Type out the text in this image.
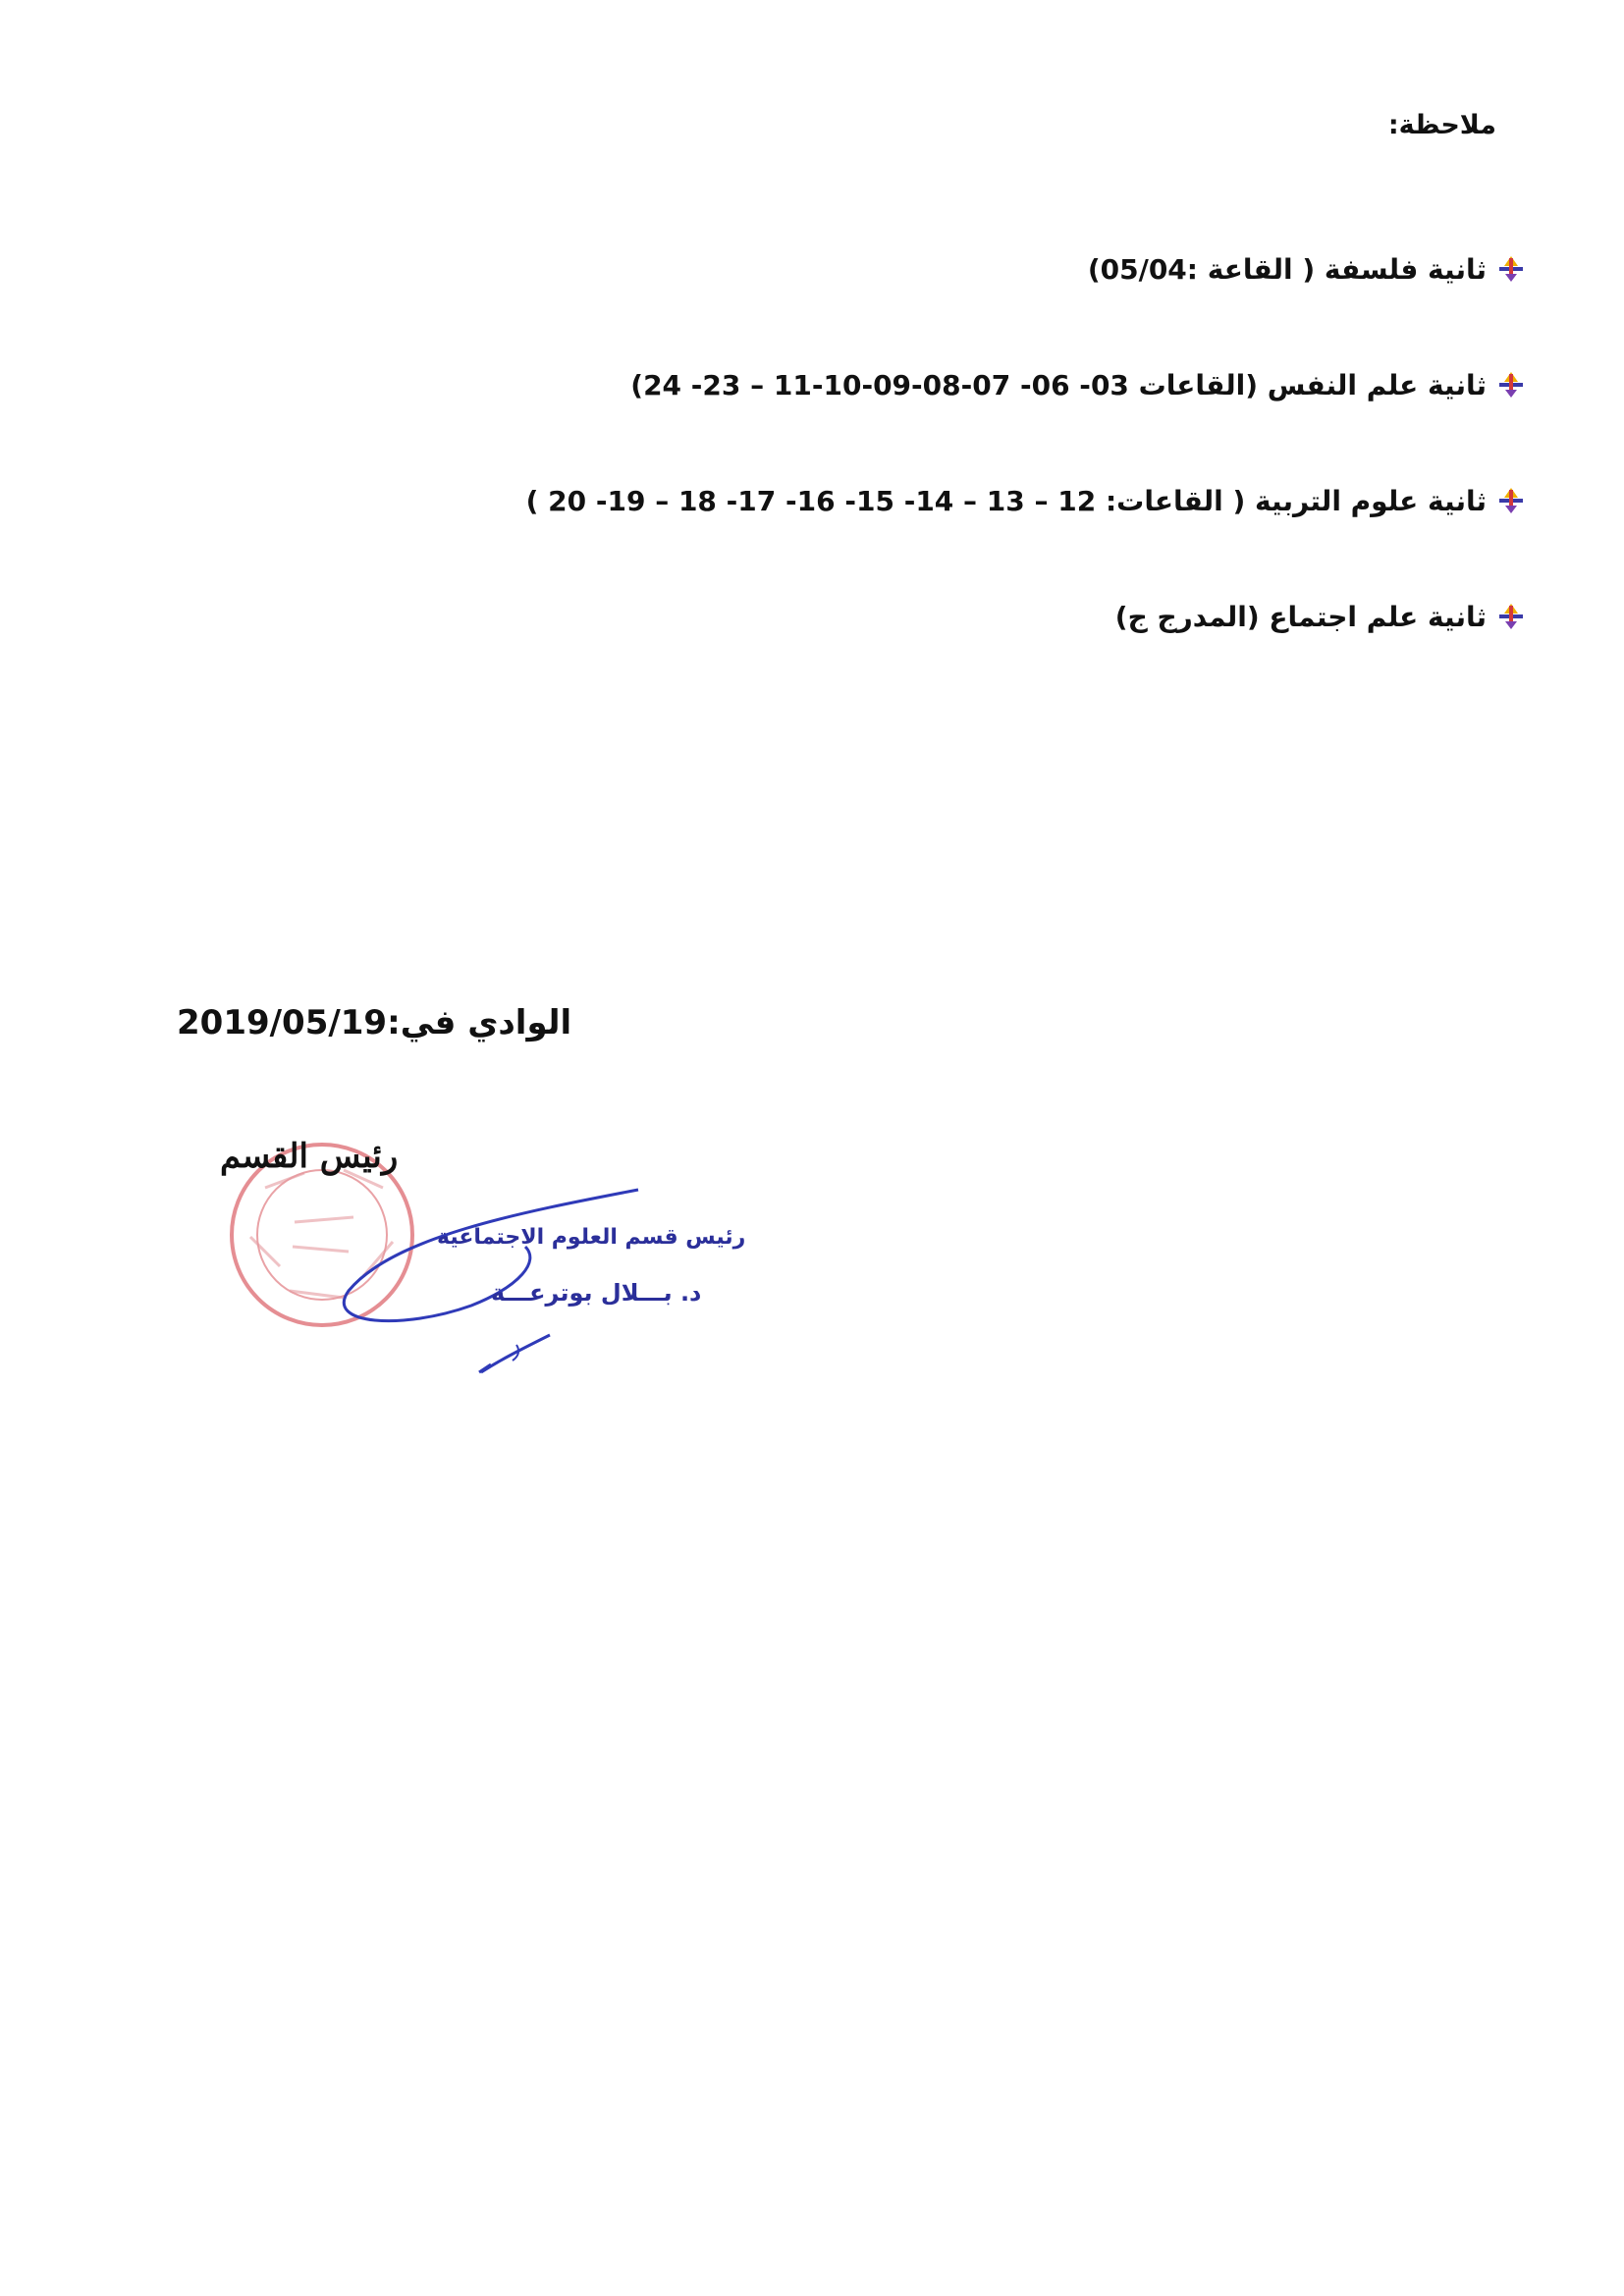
ملاحظة:
ثانية فلسفة ( القاعة :05/04)
ثانية علم النفس (القاعات 03- 06- 07-08-09-10-11 – 23- 24)
ثانية علوم التربية ( القاعات: 12 – 13 – 14- 15- 16- 17- 18 – 19- 20 )
ثانية علم اجتماع (المدرج ج)
الوادي في:2019/05/19
رئيس القسم
رئيس قسم العلوم الاجتماعية
د. بـــلال بوترعـــة
